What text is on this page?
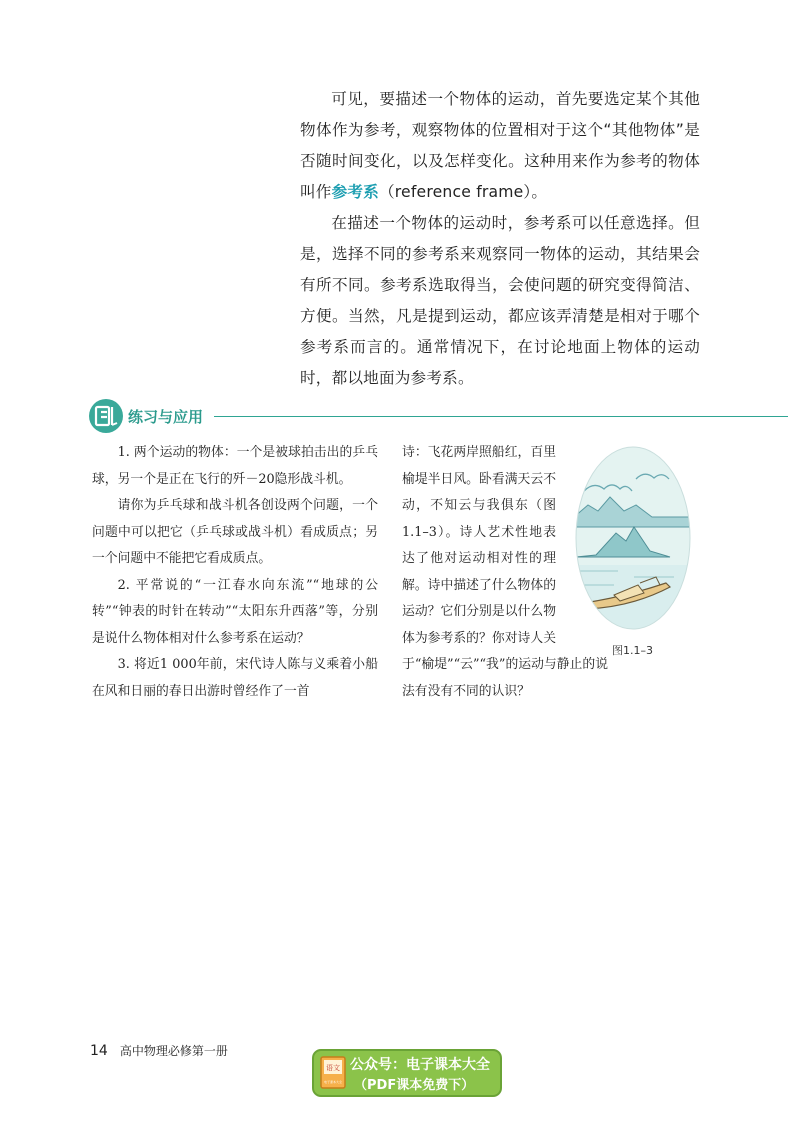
可见，要描述一个物体的运动，首先要选定某个其他物体作为参考，观察物体的位置相对于这个“其他物体”是否随时间变化，以及怎样变化。这种用来作为参考的物体叫作参考系（reference frame）。

在描述一个物体的运动时，参考系可以任意选择。但是，选择不同的参考系来观察同一物体的运动，其结果会有所不同。参考系选取得当，会使问题的研究变得简洁、方便。当然，凡是提到运动，都应该弄清楚是相对于哪个参考系而言的。通常情况下，在讨论地面上物体的运动时，都以地面为参考系。

练习与应用

1. 两个运动的物体：一个是被球拍击出的乒乓球，另一个是正在飞行的歼－20隐形战斗机。

请你为乒乓球和战斗机各创设两个问题，一个问题中可以把它（乒乓球或战斗机）看成质点；另一个问题中不能把它看成质点。

2. 平常说的“一江春水向东流”“地球的公转”“钟表的时针在转动”“太阳东升西落”等，分别是说什么物体相对什么参考系在运动？

3. 将近1 000年前，宋代诗人陈与义乘着小船在风和日丽的春日出游时曾经作了一首

诗：飞花两岸照船红，百里榆堤半日风。卧看满天云不动，不知云与我俱东（图1.1–3）。诗人艺术性地表达了他对运动相对性的理解。诗中描述了什么物体的运动？它们分别是以什么物体为参考系的？你对诗人关于“榆堤”“云”“我”的运动与静止的说法有没有不同的认识？

图1.1–3
14 高中物理必修第一册
语文
电子课本大全
公众号：电子课本大全
（PDF课本免费下）
